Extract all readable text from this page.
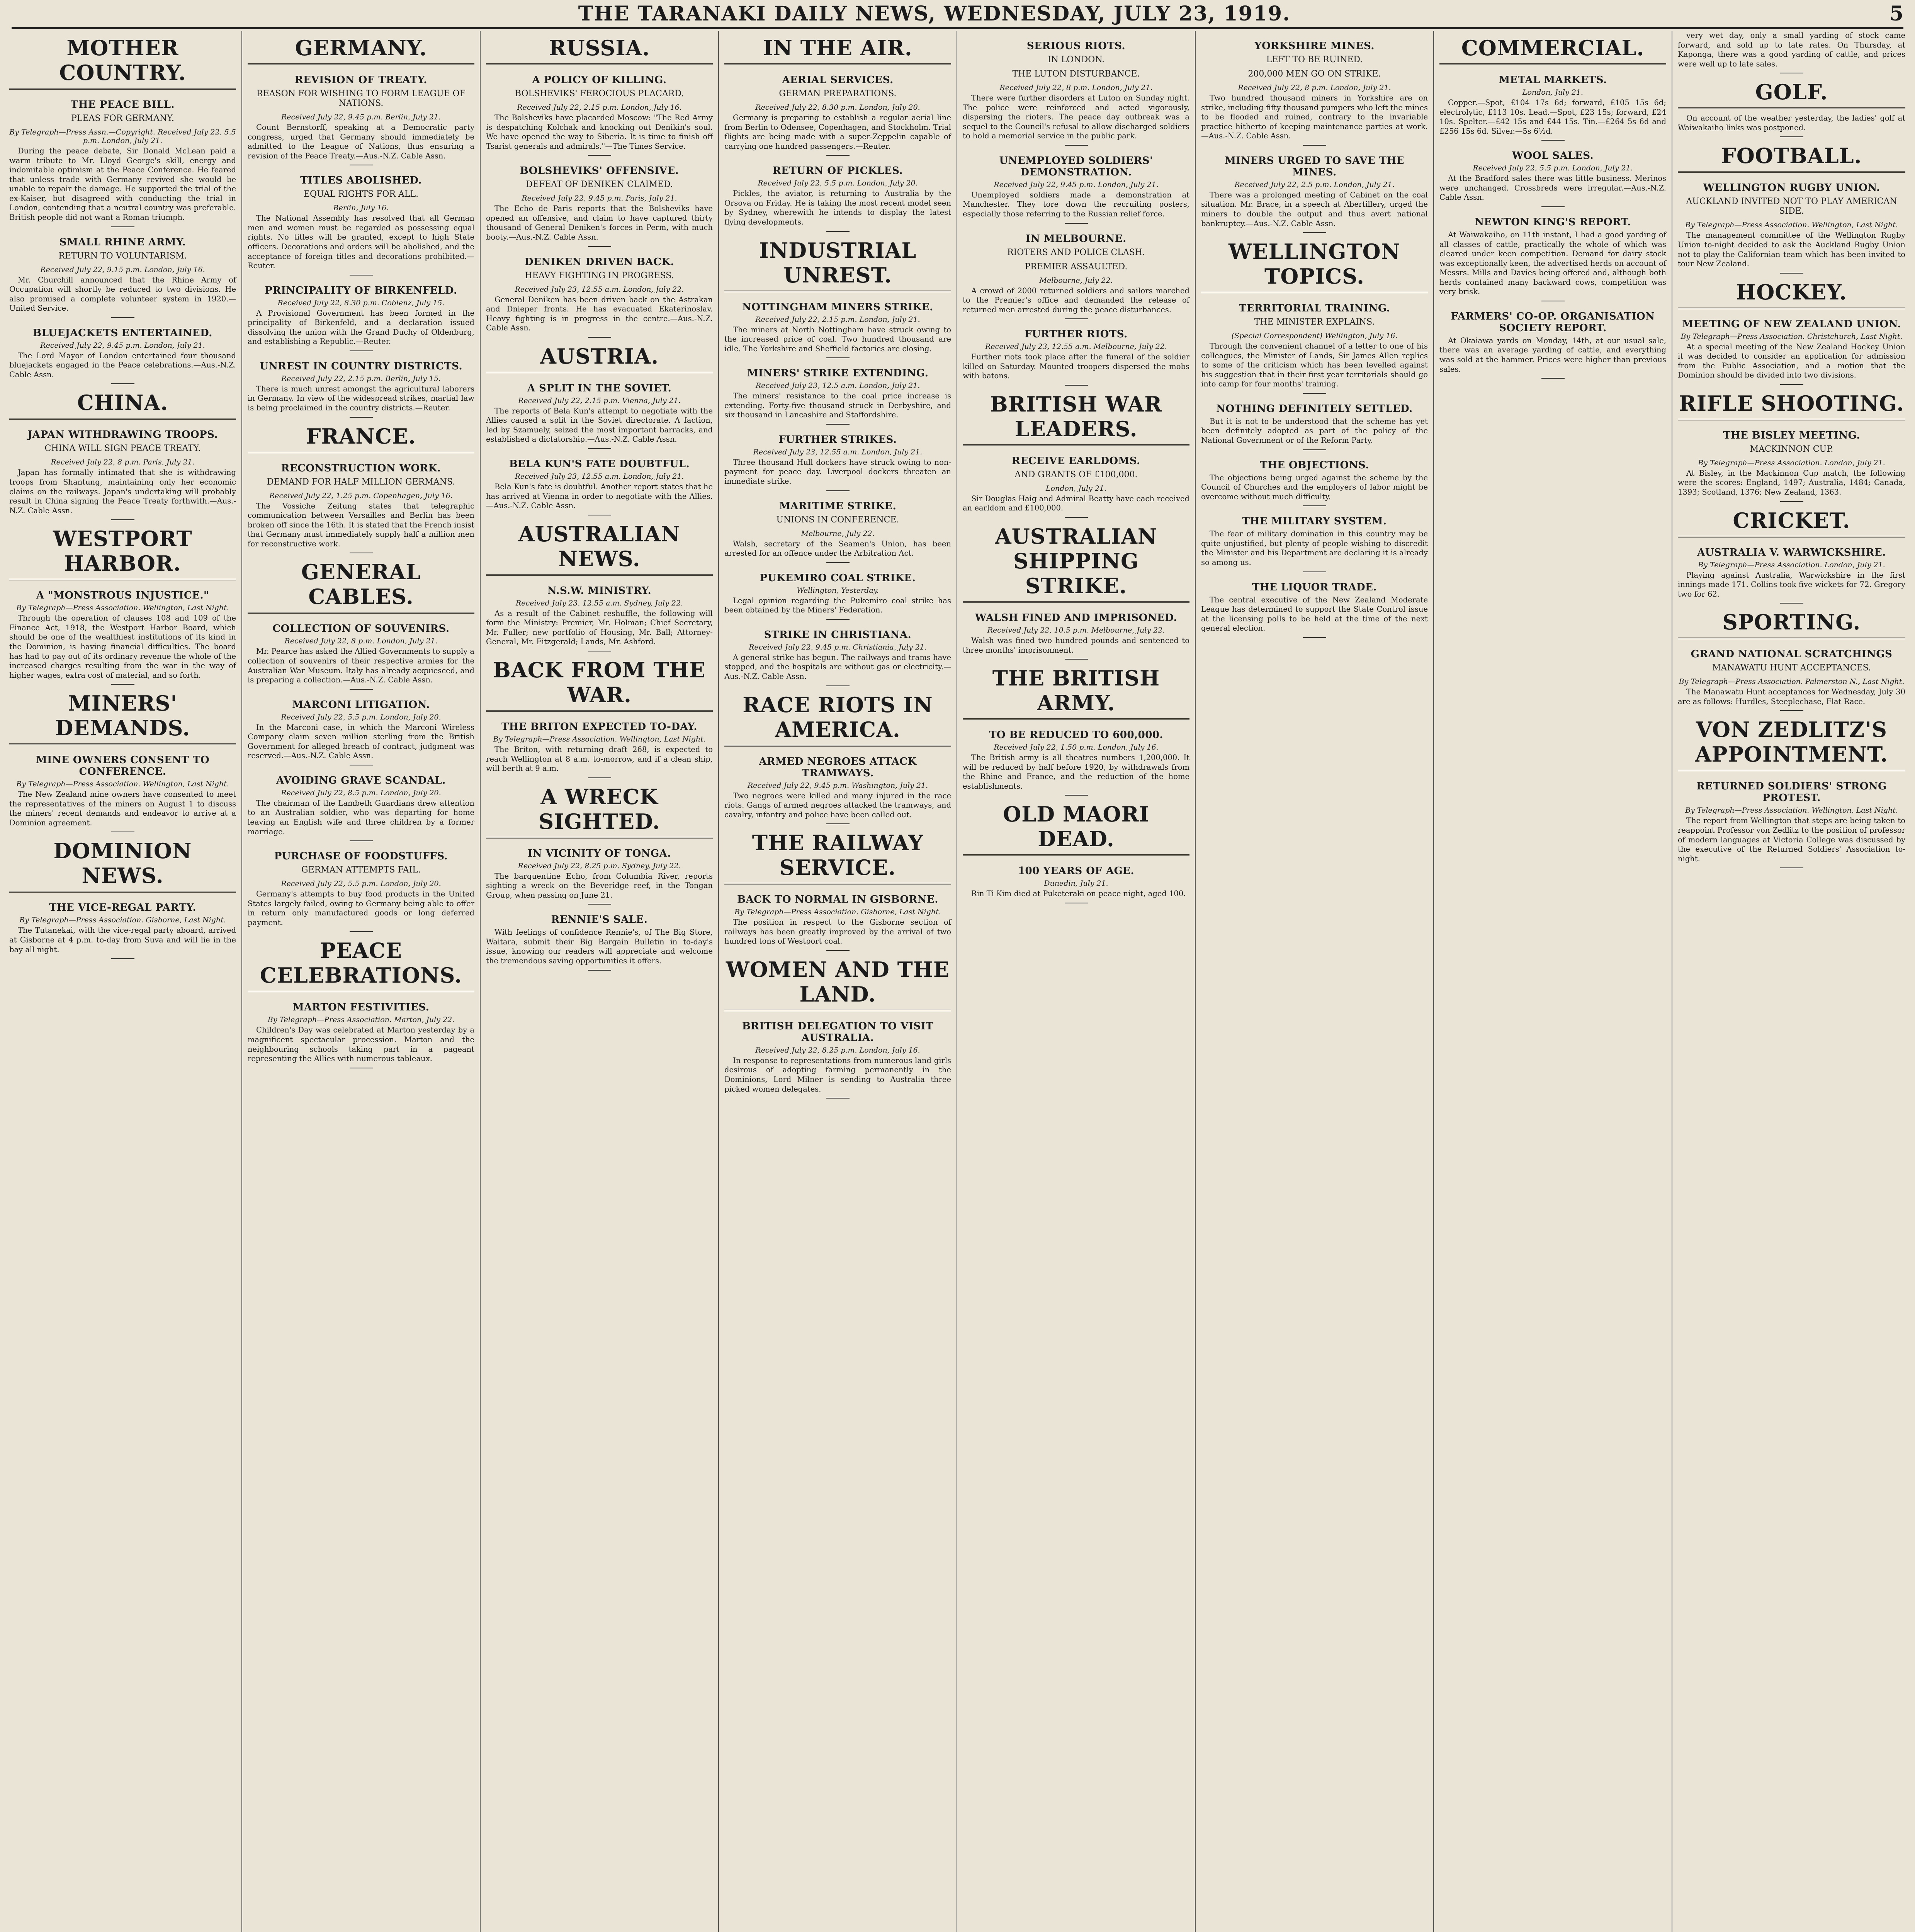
THE TARANAKI DAILY NEWS, WEDNESDAY, JULY 23, 1919.	5
MOTHER COUNTRY.
THE PEACE BILL.
PLEAS FOR GERMANY.
By Telegraph—Press Assn.—Copyright. Received July 22, 5.5 p.m. London, July 21.

During the peace debate, Sir Donald McLean paid a warm tribute to Mr. Lloyd George's skill, energy and indomitable optimism at the Peace Conference. He feared that unless trade with Germany revived she would be unable to repair the damage. He supported the trial of the ex-Kaiser, but disagreed with conducting the trial in London, contending that a neutral country was preferable. British people did not want a Roman triumph.

SMALL RHINE ARMY.
RETURN TO VOLUNTARISM.
Received July 22, 9.15 p.m. London, July 16.

Mr. Churchill announced that the Rhine Army of Occupation will shortly be reduced to two divisions. He also promised a complete volunteer system in 1920.—United Service.

BLUEJACKETS ENTERTAINED.
Received July 22, 9.45 p.m. London, July 21.

The Lord Mayor of London entertained four thousand bluejackets engaged in the Peace celebrations.—Aus.-N.Z. Cable Assn.

CHINA.
JAPAN WITHDRAWING TROOPS.
CHINA WILL SIGN PEACE TREATY.
Received July 22, 8 p.m. Paris, July 21.

Japan has formally intimated that she is withdrawing troops from Shantung, maintaining only her economic claims on the railways. Japan's undertaking will probably result in China signing the Peace Treaty forthwith.—Aus.-N.Z. Cable Assn.

WESTPORT HARBOR.
A "MONSTROUS INJUSTICE."
By Telegraph—Press Association. Wellington, Last Night.

Through the operation of clauses 108 and 109 of the Finance Act, 1918, the Westport Harbor Board, which should be one of the wealthiest institutions of its kind in the Dominion, is having financial difficulties. The board has had to pay out of its ordinary revenue the whole of the increased charges resulting from the war in the way of higher wages, extra cost of material, and so forth.

MINERS' DEMANDS.
MINE OWNERS CONSENT TO CONFERENCE.
By Telegraph—Press Association. Wellington, Last Night.

The New Zealand mine owners have consented to meet the representatives of the miners on August 1 to discuss the miners' recent demands and endeavor to arrive at a Dominion agreement.

DOMINION NEWS.
THE VICE-REGAL PARTY.
By Telegraph—Press Association. Gisborne, Last Night.

The Tutanekai, with the vice-regal party aboard, arrived at Gisborne at 4 p.m. to-day from Suva and will lie in the bay all night.

GERMANY.
REVISION OF TREATY.
REASON FOR WISHING TO FORM LEAGUE OF NATIONS.
Received July 22, 9.45 p.m. Berlin, July 21.

Count Bernstorff, speaking at a Democratic party congress, urged that Germany should immediately be admitted to the League of Nations, thus ensuring a revision of the Peace Treaty.—Aus.-N.Z. Cable Assn.

TITLES ABOLISHED.
EQUAL RIGHTS FOR ALL.
Berlin, July 16.

The National Assembly has resolved that all German men and women must be regarded as possessing equal rights. No titles will be granted, except to high State officers. Decorations and orders will be abolished, and the acceptance of foreign titles and decorations prohibited.—Reuter.

PRINCIPALITY OF BIRKENFELD.
Received July 22, 8.30 p.m. Coblenz, July 15.

A Provisional Government has been formed in the principality of Birkenfeld, and a declaration issued dissolving the union with the Grand Duchy of Oldenburg, and establishing a Republic.—Reuter.

UNREST IN COUNTRY DISTRICTS.
Received July 22, 2.15 p.m. Berlin, July 15.

There is much unrest amongst the agricultural laborers in Germany. In view of the widespread strikes, martial law is being proclaimed in the country districts.—Reuter.

FRANCE.
RECONSTRUCTION WORK.
DEMAND FOR HALF MILLION GERMANS.
Received July 22, 1.25 p.m. Copenhagen, July 16.

The Vossiche Zeitung states that telegraphic communication between Versailles and Berlin has been broken off since the 16th. It is stated that the French insist that Germany must immediately supply half a million men for reconstructive work.

GENERAL CABLES.
COLLECTION OF SOUVENIRS.
Received July 22, 8 p.m. London, July 21.

Mr. Pearce has asked the Allied Governments to supply a collection of souvenirs of their respective armies for the Australian War Museum. Italy has already acquiesced, and is preparing a collection.—Aus.-N.Z. Cable Assn.

MARCONI LITIGATION.
Received July 22, 5.5 p.m. London, July 20.

In the Marconi case, in which the Marconi Wireless Company claim seven million sterling from the British Government for alleged breach of contract, judgment was reserved.—Aus.-N.Z. Cable Assn.

AVOIDING GRAVE SCANDAL.
Received July 22, 8.5 p.m. London, July 20.

The chairman of the Lambeth Guardians drew attention to an Australian soldier, who was departing for home leaving an English wife and three children by a former marriage.

PURCHASE OF FOODSTUFFS.
GERMAN ATTEMPTS FAIL.
Received July 22, 5.5 p.m. London, July 20.

Germany's attempts to buy food products in the United States largely failed, owing to Germany being able to offer in return only manufactured goods or long deferred payment.

PEACE CELEBRATIONS.
MARTON FESTIVITIES.
By Telegraph—Press Association. Marton, July 22.

Children's Day was celebrated at Marton yesterday by a magnificent spectacular procession. Marton and the neighbouring schools taking part in a pageant representing the Allies with numerous tableaux.

RUSSIA.
A POLICY OF KILLING.
BOLSHEVIKS' FEROCIOUS PLACARD.
Received July 22, 2.15 p.m. London, July 16.

The Bolsheviks have placarded Moscow: "The Red Army is despatching Kolchak and knocking out Denikin's soul. We have opened the way to Siberia. It is time to finish off Tsarist generals and admirals."—The Times Service.

BOLSHEVIKS' OFFENSIVE.
DEFEAT OF DENIKEN CLAIMED.
Received July 22, 9.45 p.m. Paris, July 21.

The Echo de Paris reports that the Bolsheviks have opened an offensive, and claim to have captured thirty thousand of General Deniken's forces in Perm, with much booty.—Aus.-N.Z. Cable Assn.

DENIKEN DRIVEN BACK.
HEAVY FIGHTING IN PROGRESS.
Received July 23, 12.55 a.m. London, July 22.

General Deniken has been driven back on the Astrakan and Dnieper fronts. He has evacuated Ekaterinoslav. Heavy fighting is in progress in the centre.—Aus.-N.Z. Cable Assn.

AUSTRIA.
A SPLIT IN THE SOVIET.
Received July 22, 2.15 p.m. Vienna, July 21.

The reports of Bela Kun's attempt to negotiate with the Allies caused a split in the Soviet directorate. A faction, led by Szamuely, seized the most important barracks, and established a dictatorship.—Aus.-N.Z. Cable Assn.

BELA KUN'S FATE DOUBTFUL.
Received July 23, 12.55 a.m. London, July 21.

Bela Kun's fate is doubtful. Another report states that he has arrived at Vienna in order to negotiate with the Allies.—Aus.-N.Z. Cable Assn.

AUSTRALIAN NEWS.
N.S.W. MINISTRY.
Received July 23, 12.55 a.m. Sydney, July 22.

As a result of the Cabinet reshuffle, the following will form the Ministry: Premier, Mr. Holman; Chief Secretary, Mr. Fuller; new portfolio of Housing, Mr. Ball; Attorney-General, Mr. Fitzgerald; Lands, Mr. Ashford.

BACK FROM THE WAR.
THE BRITON EXPECTED TO-DAY.
By Telegraph—Press Association. Wellington, Last Night.

The Briton, with returning draft 268, is expected to reach Wellington at 8 a.m. to-morrow, and if a clean ship, will berth at 9 a.m.

A WRECK SIGHTED.
IN VICINITY OF TONGA.
Received July 22, 8.25 p.m. Sydney, July 22.

The barquentine Echo, from Columbia River, reports sighting a wreck on the Beveridge reef, in the Tongan Group, when passing on June 21.

RENNIE'S SALE.

With feelings of confidence Rennie's, of The Big Store, Waitara, submit their Big Bargain Bulletin in to-day's issue, knowing our readers will appreciate and welcome the tremendous saving opportunities it offers.

IN THE AIR.
AERIAL SERVICES.
GERMAN PREPARATIONS.
Received July 22, 8.30 p.m. London, July 20.

Germany is preparing to establish a regular aerial line from Berlin to Odensee, Copenhagen, and Stockholm. Trial flights are being made with a super-Zeppelin capable of carrying one hundred passengers.—Reuter.

RETURN OF PICKLES.
Received July 22, 5.5 p.m. London, July 20.

Pickles, the aviator, is returning to Australia by the Orsova on Friday. He is taking the most recent model seen by Sydney, wherewith he intends to display the latest flying developments.

INDUSTRIAL UNREST.
NOTTINGHAM MINERS STRIKE.
Received July 22, 2.15 p.m. London, July 21.

The miners at North Nottingham have struck owing to the increased price of coal. Two hundred thousand are idle. The Yorkshire and Sheffield factories are closing.

MINERS' STRIKE EXTENDING.
Received July 23, 12.5 a.m. London, July 21.

The miners' resistance to the coal price increase is extending. Forty-five thousand struck in Derbyshire, and six thousand in Lancashire and Staffordshire.

FURTHER STRIKES.
Received July 23, 12.55 a.m. London, July 21.

Three thousand Hull dockers have struck owing to non-payment for peace day. Liverpool dockers threaten an immediate strike.

MARITIME STRIKE.
UNIONS IN CONFERENCE.
Melbourne, July 22.

Walsh, secretary of the Seamen's Union, has been arrested for an offence under the Arbitration Act.

PUKEMIRO COAL STRIKE.
Wellington, Yesterday.

Legal opinion regarding the Pukemiro coal strike has been obtained by the Miners' Federation.

STRIKE IN CHRISTIANA.
Received July 22, 9.45 p.m. Christiania, July 21.

A general strike has begun. The railways and trams have stopped, and the hospitals are without gas or electricity.—Aus.-N.Z. Cable Assn.

RACE RIOTS IN AMERICA.
ARMED NEGROES ATTACK TRAMWAYS.
Received July 22, 9.45 p.m. Washington, July 21.

Two negroes were killed and many injured in the race riots. Gangs of armed negroes attacked the tramways, and cavalry, infantry and police have been called out.

THE RAILWAY SERVICE.
BACK TO NORMAL IN GISBORNE.
By Telegraph—Press Association. Gisborne, Last Night.

The position in respect to the Gisborne section of railways has been greatly improved by the arrival of two hundred tons of Westport coal.

WOMEN AND THE LAND.
BRITISH DELEGATION TO VISIT AUSTRALIA.
Received July 22, 8.25 p.m. London, July 16.

In response to representations from numerous land girls desirous of adopting farming permanently in the Dominions, Lord Milner is sending to Australia three picked women delegates.

SERIOUS RIOTS.
IN LONDON.
THE LUTON DISTURBANCE.
Received July 22, 8 p.m. London, July 21.

There were further disorders at Luton on Sunday night. The police were reinforced and acted vigorously, dispersing the rioters. The peace day outbreak was a sequel to the Council's refusal to allow discharged soldiers to hold a memorial service in the public park.

UNEMPLOYED SOLDIERS' DEMONSTRATION.
Received July 22, 9.45 p.m. London, July 21.

Unemployed soldiers made a demonstration at Manchester. They tore down the recruiting posters, especially those referring to the Russian relief force.

IN MELBOURNE.
RIOTERS AND POLICE CLASH.
PREMIER ASSAULTED.
Melbourne, July 22.

A crowd of 2000 returned soldiers and sailors marched to the Premier's office and demanded the release of returned men arrested during the peace disturbances.

FURTHER RIOTS.
Received July 23, 12.55 a.m. Melbourne, July 22.

Further riots took place after the funeral of the soldier killed on Saturday. Mounted troopers dispersed the mobs with batons.

BRITISH WAR LEADERS.
RECEIVE EARLDOMS.
AND GRANTS OF £100,000.
London, July 21.

Sir Douglas Haig and Admiral Beatty have each received an earldom and £100,000.

AUSTRALIAN SHIPPING STRIKE.
WALSH FINED AND IMPRISONED.
Received July 22, 10.5 p.m. Melbourne, July 22.

Walsh was fined two hundred pounds and sentenced to three months' imprisonment.

THE BRITISH ARMY.
TO BE REDUCED TO 600,000.
Received July 22, 1.50 p.m. London, July 16.

The British army is all theatres numbers 1,200,000. It will be reduced by half before 1920, by withdrawals from the Rhine and France, and the reduction of the home establishments.

OLD MAORI DEAD.
100 YEARS OF AGE.
Dunedin, July 21.

Rin Ti Kim died at Puketeraki on peace night, aged 100.

YORKSHIRE MINES.
LEFT TO BE RUINED.
200,000 MEN GO ON STRIKE.
Received July 22, 8 p.m. London, July 21.

Two hundred thousand miners in Yorkshire are on strike, including fifty thousand pumpers who left the mines to be flooded and ruined, contrary to the invariable practice hitherto of keeping maintenance parties at work.—Aus.-N.Z. Cable Assn.

MINERS URGED TO SAVE THE MINES.
Received July 22, 2.5 p.m. London, July 21.

There was a prolonged meeting of Cabinet on the coal situation. Mr. Brace, in a speech at Abertillery, urged the miners to double the output and thus avert national bankruptcy.—Aus.-N.Z. Cable Assn.

WELLINGTON TOPICS.
TERRITORIAL TRAINING.
THE MINISTER EXPLAINS.
(Special Correspondent) Wellington, July 16.

Through the convenient channel of a letter to one of his colleagues, the Minister of Lands, Sir James Allen replies to some of the criticism which has been levelled against his suggestion that in their first year territorials should go into camp for four months' training.

NOTHING DEFINITELY SETTLED.

But it is not to be understood that the scheme has yet been definitely adopted as part of the policy of the National Government or of the Reform Party.

THE OBJECTIONS.

The objections being urged against the scheme by the Council of Churches and the employers of labor might be overcome without much difficulty.

THE MILITARY SYSTEM.

The fear of military domination in this country may be quite unjustified, but plenty of people wishing to discredit the Minister and his Department are declaring it is already so among us.

THE LIQUOR TRADE.

The central executive of the New Zealand Moderate League has determined to support the State Control issue at the licensing polls to be held at the time of the next general election.

COMMERCIAL.
METAL MARKETS.
London, July 21.

Copper.—Spot, £104 17s 6d; forward, £105 15s 6d; electrolytic, £113 10s. Lead.—Spot, £23 15s; forward, £24 10s. Spelter.—£42 15s and £44 15s. Tin.—£264 5s 6d and £256 15s 6d. Silver.—5s 6½d.

WOOL SALES.
Received July 22, 5.5 p.m. London, July 21.

At the Bradford sales there was little business. Merinos were unchanged. Crossbreds were irregular.—Aus.-N.Z. Cable Assn.

NEWTON KING'S REPORT.

At Waiwakaiho, on 11th instant, I had a good yarding of all classes of cattle, practically the whole of which was cleared under keen competition. Demand for dairy stock was exceptionally keen, the advertised herds on account of Messrs. Mills and Davies being offered and, although both herds contained many backward cows, competition was very brisk.

FARMERS' CO-OP. ORGANISATION SOCIETY REPORT.

At Okaiawa yards on Monday, 14th, at our usual sale, there was an average yarding of cattle, and everything was sold at the hammer. Prices were higher than previous sales.

very wet day, only a small yarding of stock came forward, and sold up to late rates. On Thursday, at Kaponga, there was a good yarding of cattle, and prices were well up to late sales.

GOLF.

On account of the weather yesterday, the ladies' golf at Waiwakaiho links was postponed.

FOOTBALL.
WELLINGTON RUGBY UNION.
AUCKLAND INVITED NOT TO PLAY AMERICAN SIDE.
By Telegraph—Press Association. Wellington, Last Night.

The management committee of the Wellington Rugby Union to-night decided to ask the Auckland Rugby Union not to play the Californian team which has been invited to tour New Zealand.

HOCKEY.
MEETING OF NEW ZEALAND UNION.
By Telegraph—Press Association. Christchurch, Last Night.

At a special meeting of the New Zealand Hockey Union it was decided to consider an application for admission from the Public Association, and a motion that the Dominion should be divided into two divisions.

RIFLE SHOOTING.
THE BISLEY MEETING.
MACKINNON CUP.
By Telegraph—Press Association. London, July 21.

At Bisley, in the Mackinnon Cup match, the following were the scores: England, 1497; Australia, 1484; Canada, 1393; Scotland, 1376; New Zealand, 1363.

CRICKET.
AUSTRALIA V. WARWICKSHIRE.
By Telegraph—Press Association. London, July 21.

Playing against Australia, Warwickshire in the first innings made 171. Collins took five wickets for 72. Gregory two for 62.

SPORTING.
GRAND NATIONAL SCRATCHINGS
MANAWATU HUNT ACCEPTANCES.
By Telegraph—Press Association. Palmerston N., Last Night.

The Manawatu Hunt acceptances for Wednesday, July 30 are as follows: Hurdles, Steeplechase, Flat Race.

VON ZEDLITZ'S APPOINTMENT.
RETURNED SOLDIERS' STRONG PROTEST.
By Telegraph—Press Association. Wellington, Last Night.

The report from Wellington that steps are being taken to reappoint Professor von Zedlitz to the position of professor of modern languages at Victoria College was discussed by the executive of the Returned Soldiers' Association to-night.
